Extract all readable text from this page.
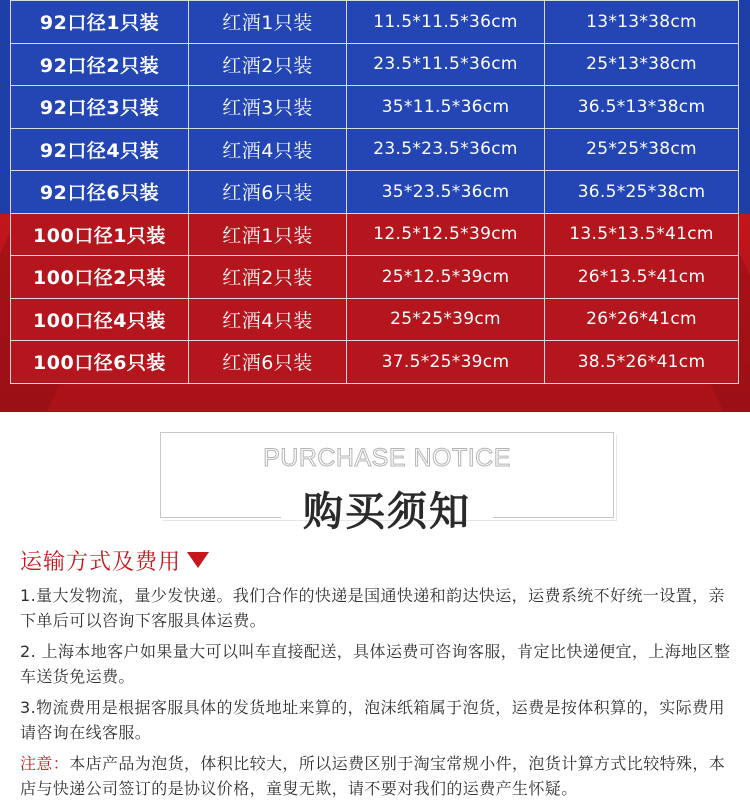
92口径1只装	红酒1只装	11.5*11.5*36cm	13*13*38cm
92口径2只装	红酒2只装	23.5*11.5*36cm	25*13*38cm
92口径3只装	红酒3只装	35*11.5*36cm	36.5*13*38cm
92口径4只装	红酒4只装	23.5*23.5*36cm	25*25*38cm
92口径6只装	红酒6只装	35*23.5*36cm	36.5*25*38cm
100口径1只装	红酒1只装	12.5*12.5*39cm	13.5*13.5*41cm
100口径2只装	红酒2只装	25*12.5*39cm	26*13.5*41cm
100口径4只装	红酒4只装	25*25*39cm	26*26*41cm
100口径6只装	红酒6只装	37.5*25*39cm	38.5*26*41cm
PURCHASE NOTICE
购买须知
运输方式及费用

1.量大发物流，量少发快递。我们合作的快递是国通快递和韵达快运，运费系统不好统一设置，亲下单后可以咨询下客服具体运费。

2. 上海本地客户如果量大可以叫车直接配送，具体运费可咨询客服，肯定比快递便宜，上海地区整车送货免运费。

3.物流费用是根据客服具体的发货地址来算的，泡沫纸箱属于泡货，运费是按体积算的，实际费用请咨询在线客服。

注意：本店产品为泡货，体积比较大，所以运费区别于淘宝常规小件，泡货计算方式比较特殊，本店与快递公司签订的是协议价格，童叟无欺，请不要对我们的运费产生怀疑。
